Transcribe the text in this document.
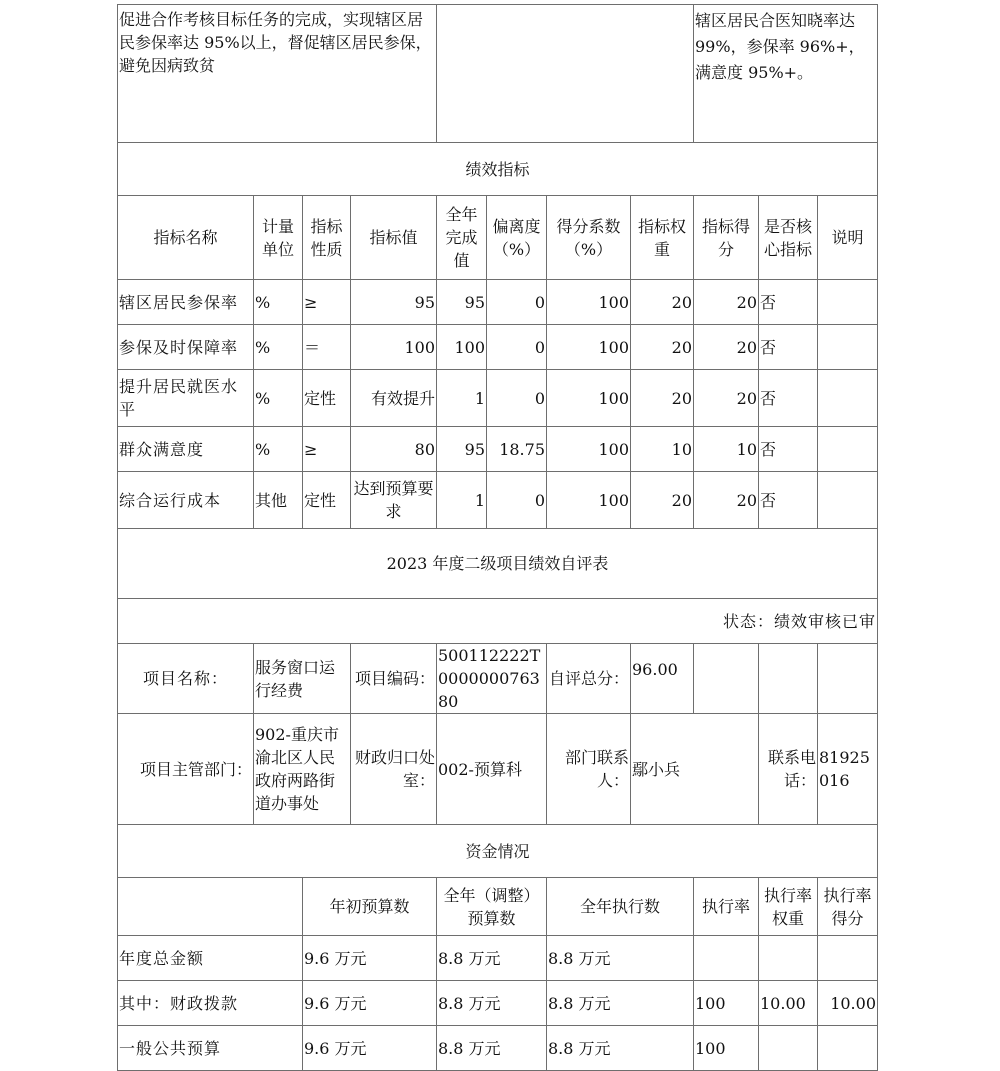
促进合作考核目标任务的完成，实现辖区居民参保率达 95%以上，督促辖区居民参保，避免因病致贫								辖区居民合医知晓率达 99%，参保率 96%+，满意度 95%+。		

绩效指标										
指标名称	计量单位	指标性质	指标值	全年完成值	偏离度（%）	得分系数（%）	指标权重	指标得分	是否核心指标	说明
辖区居民参保率	%	≥	95	95	0	100	20	20	否	
参保及时保障率	%	＝	100	100	0	100	20	20	否	
提升居民就医水平	%	定性	有效提升	1	0	100	20	20	否	
群众满意度	%	≥	80	95	18.75	100	10	10	否	
综合运行成本	其他	定性	达到预算要求	1	0	100	20	20	否	
2023 年度二级项目绩效自评表										
状态：绩效审核已审										
项目名称：	服务窗口运行经费		项目编码：	500112222T000000076380		自评总分：	96.00			
项目主管部门：	902-重庆市渝北区人民政府两路街道办事处		财政归口处室：	002-预算科		部门联系人：	鄢小兵		联系电话：	81925016
资金情况										
		年初预算数		全年（调整）预算数		全年执行数		执行率	执行率权重	执行率得分
年度总金额		9.6 万元		8.8 万元		8.8 万元				
其中：财政拨款		9.6 万元		8.8 万元		8.8 万元		100	10.00	10.00
一般公共预算		9.6 万元		8.8 万元		8.8 万元		100		
